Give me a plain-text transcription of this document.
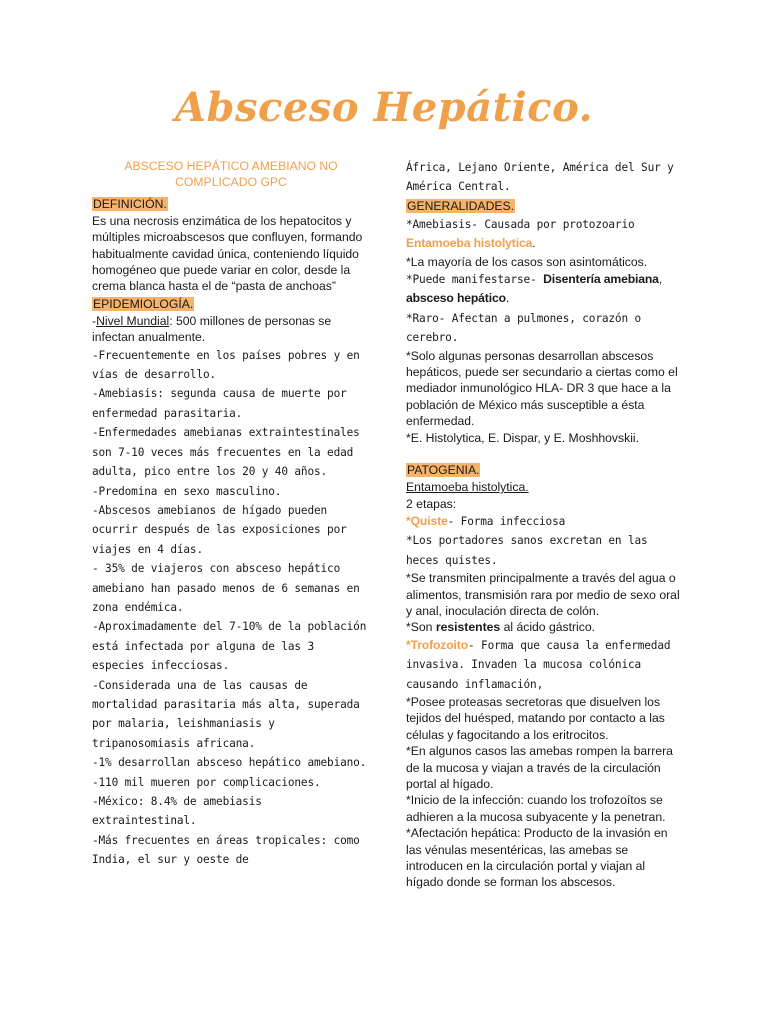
Absceso Hepático.

ABSCESO HEPÁTICO AMEBIANO NO COMPLICADO GPC

DEFINICIÓN.

Es una necrosis enzimática de los hepatocitos y múltiples microabscesos que confluyen, formando habitualmente cavidad única, conteniendo líquido homogéneo que puede variar en color, desde la crema blanca hasta el de “pasta de anchoas”

EPIDEMIOLOGÍA.

-Nivel Mundial: 500 millones de personas se infectan anualmente.

-Frecuentemente en los países pobres y en vías de desarrollo.

-Amebiasis: segunda causa de muerte por enfermedad parasitaria.

-Enfermedades amebianas extraintestinales son 7-10 veces más frecuentes en la edad adulta, pico entre los 20 y 40 años.

-Predomina en sexo masculino.

-Abscesos amebianos de hígado pueden ocurrir después de las exposiciones por viajes en 4 días.

- 35% de viajeros con absceso hepático amebiano han pasado menos de 6 semanas en zona endémica.

-Aproximadamente del 7-10% de la población está infectada por alguna de las 3 especies infecciosas.

-Considerada una de las causas de mortalidad parasitaria más alta, superada por malaria, leishmaniasis y tripanosomiasis africana.

-1% desarrollan absceso hepático amebiano.

-110 mil mueren por complicaciones.

-México: 8.4% de amebiasis extraintestinal.

-Más frecuentes en áreas tropicales: como India, el sur y oeste de

África, Lejano Oriente, América del Sur y América Central.

GENERALIDADES.

*Amebiasis- Causada por protozoario
Entamoeba histolytica.

*La mayoría de los casos son asintomáticos.

*Puede manifestarse- Disentería amebiana, absceso hepático.

*Raro- Afectan a pulmones, corazón o cerebro.

*Solo algunas personas desarrollan abscesos hepáticos, puede ser secundario a ciertas como el mediador inmunológico HLA- DR 3 que hace a la población de México más susceptible a ésta enfermedad.

*E. Histolytica, E. Dispar, y E. Moshhovskii.

PATOGENIA.

Entamoeba histolytica.

2 etapas:

*Quiste- Forma infecciosa

*Los portadores sanos excretan en las heces quistes.

*Se transmiten principalmente a través del agua o alimentos, transmisión rara por medio de sexo oral y anal, inoculación directa de colón.

*Son resistentes al ácido gástrico.

*Trofozoito- Forma que causa la enfermedad invasiva. Invaden la mucosa colónica causando inflamación,

*Posee proteasas secretoras que disuelven los tejidos del huésped, matando por contacto a las células y fagocitando a los eritrocitos.

*En algunos casos las amebas rompen la barrera de la mucosa y viajan a través de la circulación portal al hígado.

*Inicio de la infección: cuando los trofozoítos se adhieren a la mucosa subyacente y la penetran.

*Afectación hepática: Producto de la invasión en las vénulas mesentéricas, las amebas se introducen en la circulación portal y viajan al hígado donde se forman los abscesos.
